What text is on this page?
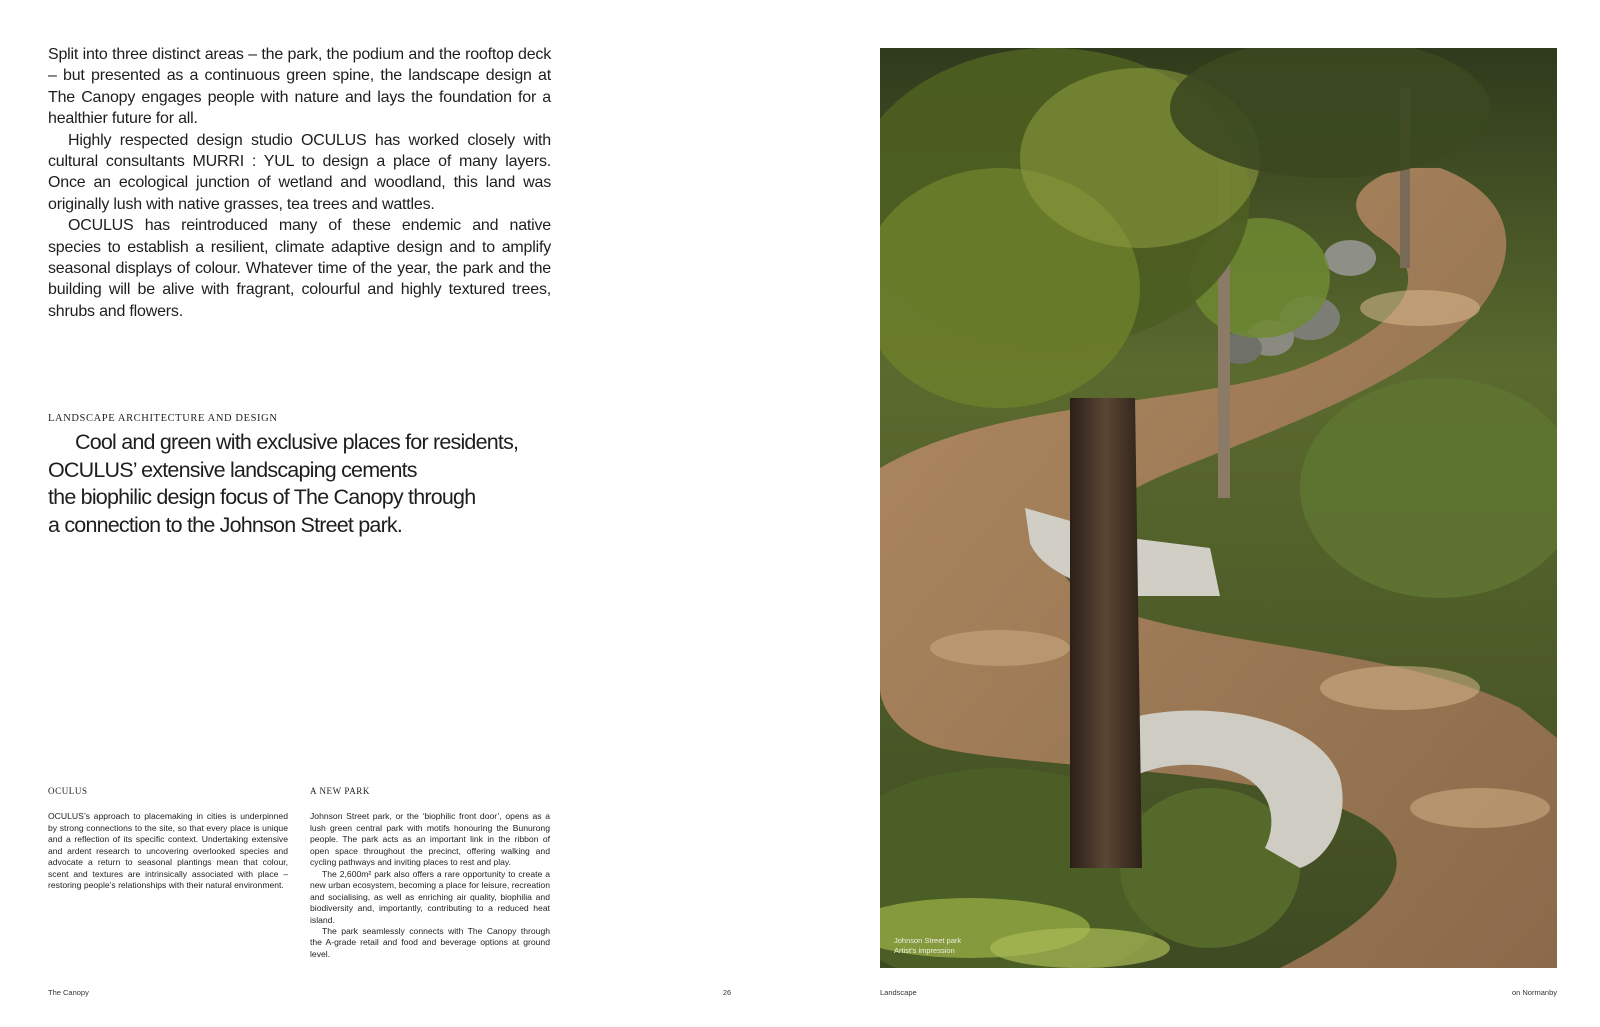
Split into three distinct areas – the park, the podium and the rooftop deck – but presented as a continuous green spine, the landscape design at The Canopy engages people with nature and lays the foundation for a healthier future for all.

Highly respected design studio OCULUS has worked closely with cultural consultants MURRI : YUL to design a place of many layers. Once an ecological junction of wetland and woodland, this land was originally lush with native grasses, tea trees and wattles.

OCULUS has reintroduced many of these endemic and native species to establish a resilient, climate adaptive design and to amplify seasonal displays of colour. Whatever time of the year, the park and the building will be alive with fragrant, colourful and highly textured trees, shrubs and flowers.

LANDSCAPE ARCHITECTURE AND DESIGN
Cool and green with exclusive places for residents,
OCULUS’ extensive landscaping cements
the biophilic design focus of The Canopy through
a connection to the Johnson Street park.
OCULUS

OCULUS’s approach to placemaking in cities is underpinned by strong connections to the site, so that every place is unique and a reflection of its specific context. Undertaking extensive and ardent research to uncovering overlooked species and advocate a return to seasonal plantings mean that colour, scent and textures are intrinsically associated with place – restoring people’s relationships with their natural environment.

A NEW PARK

Johnson Street park, or the ‘biophilic front door’, opens as a lush green central park with motifs honouring the Bunurong people. The park acts as an important link in the ribbon of open space throughout the precinct, offering walking and cycling pathways and inviting places to rest and play.

The 2,600m² park also offers a rare opportunity to create a new urban ecosystem, becoming a place for leisure, recreation and socialising, as well as enriching air quality, biophilia and biodiversity and, importantly, contributing to a reduced heat island.

The park seamlessly connects with The Canopy through the A-grade retail and food and beverage options at ground level.

Johnson Street park
Artist’s impression
The Canopy	26	Landscape	on Normanby
